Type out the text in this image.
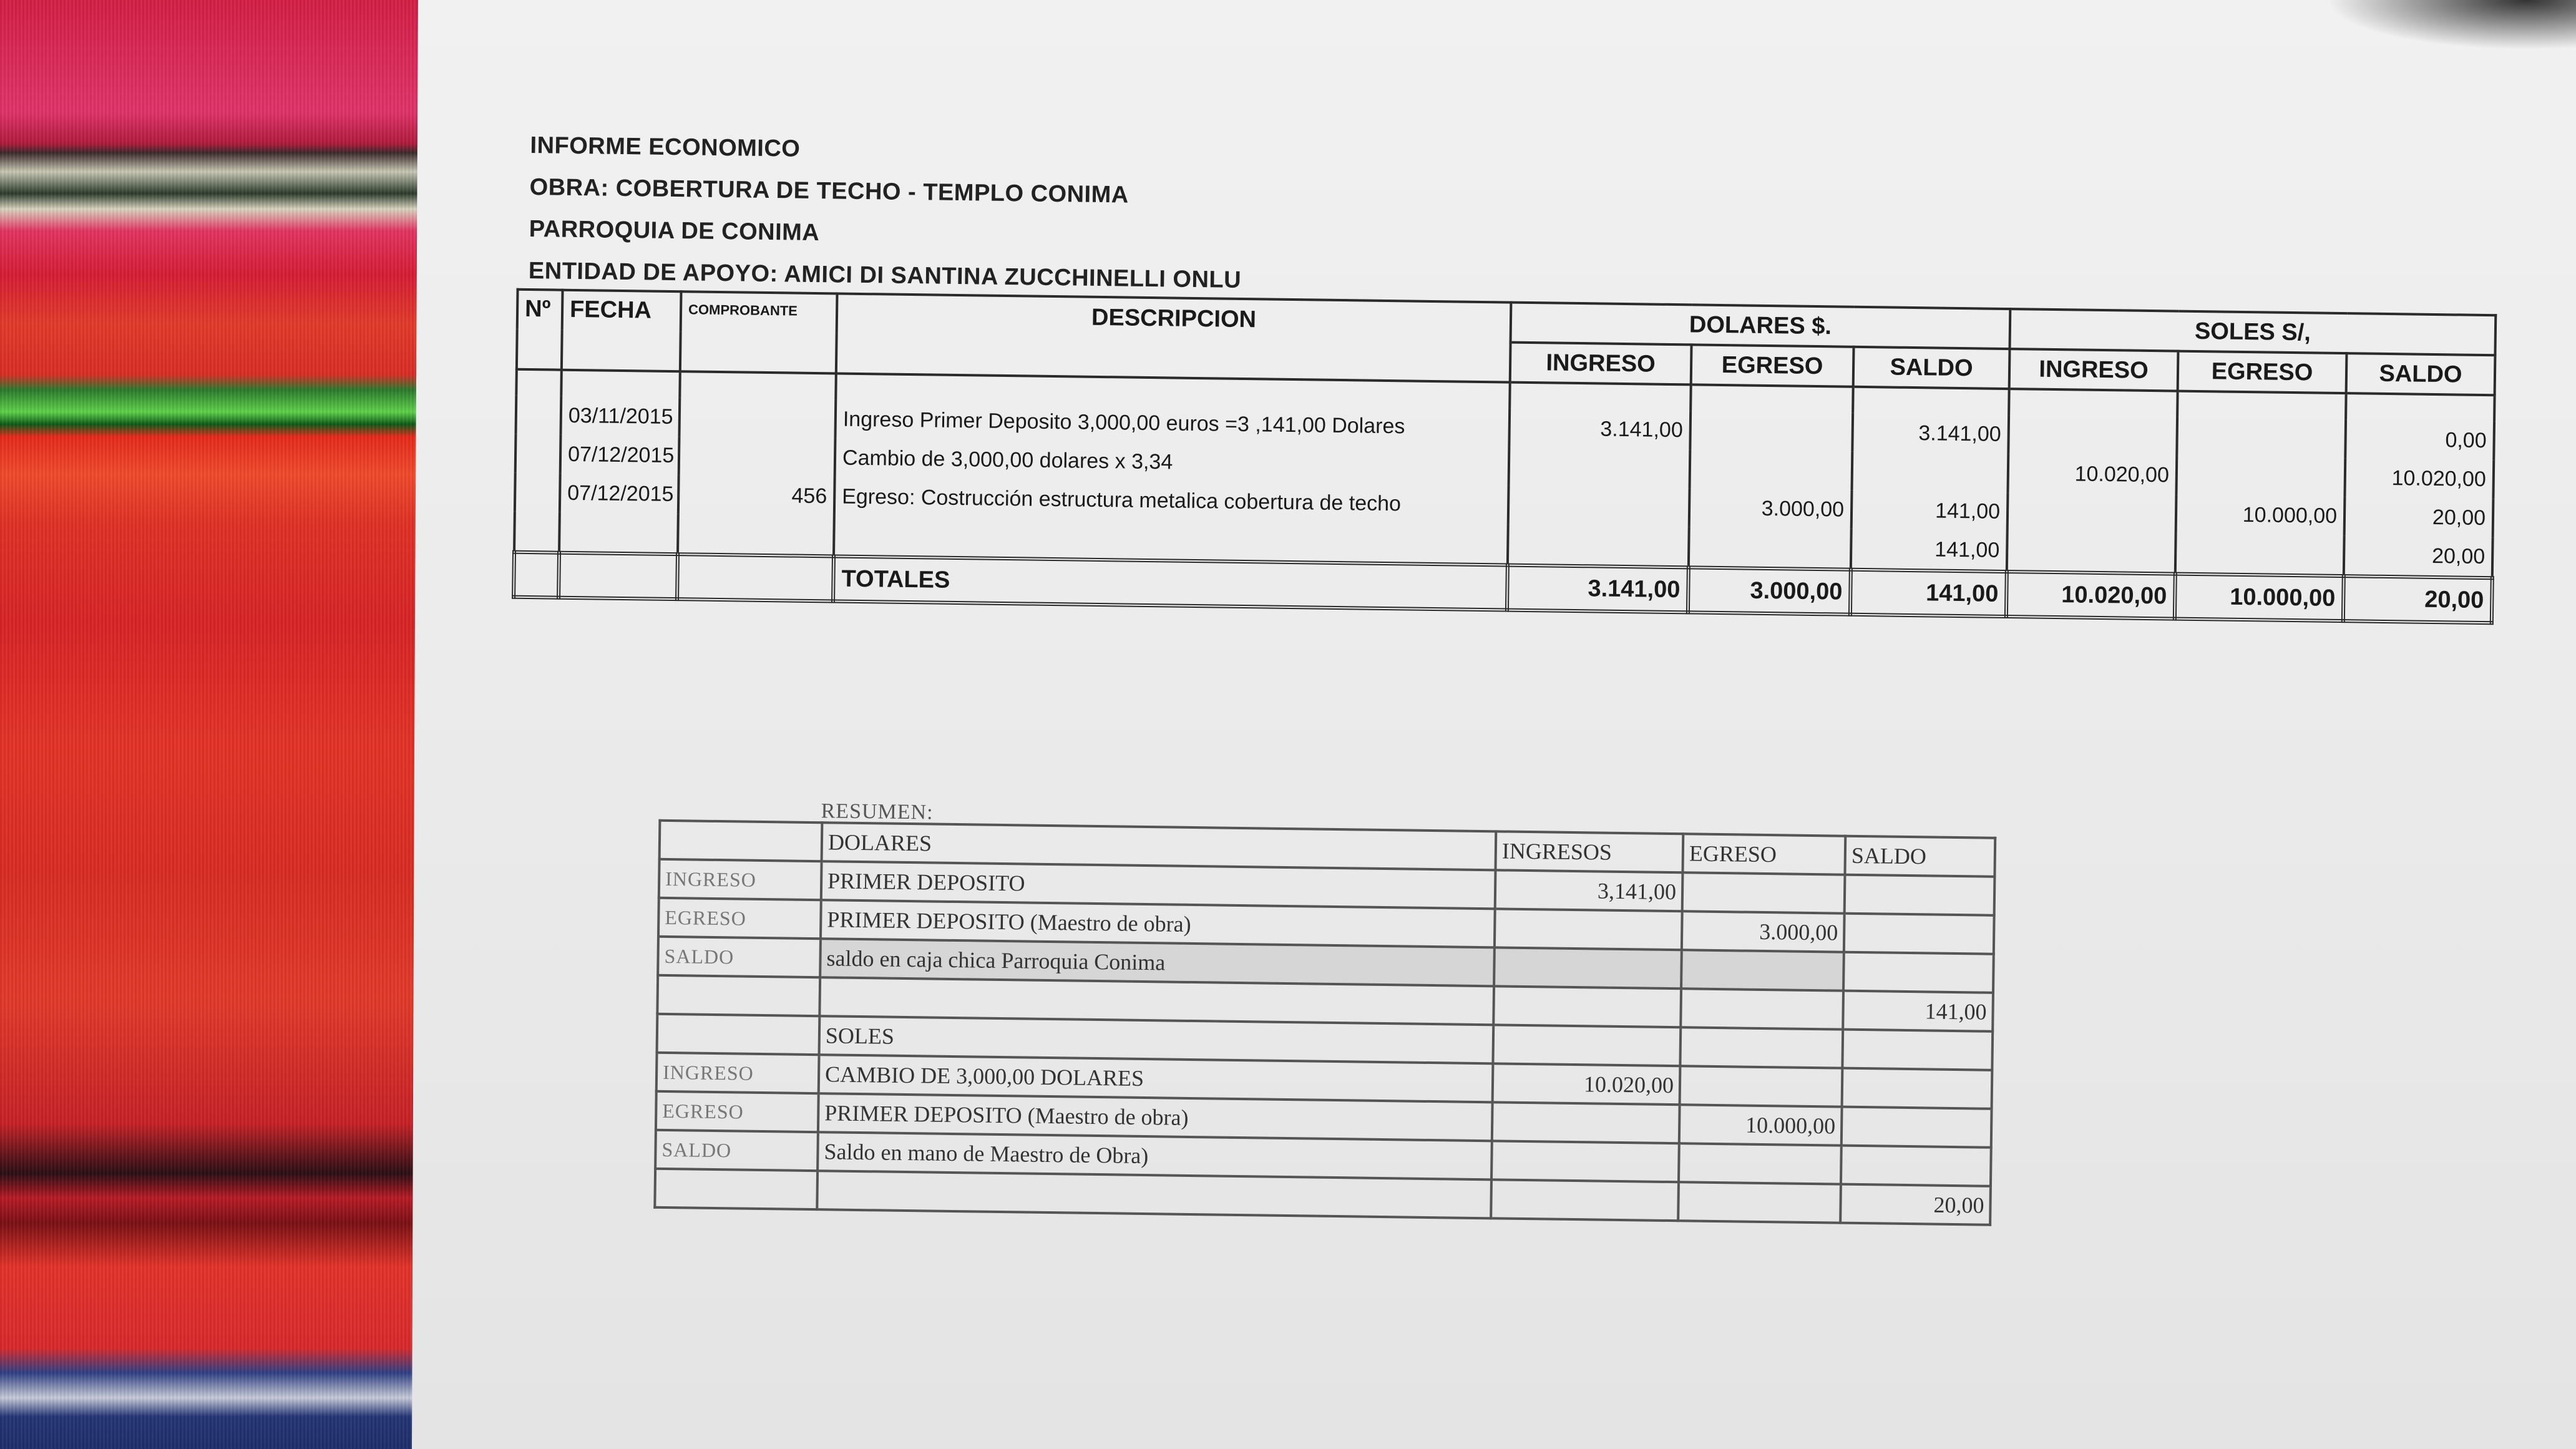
INFORME ECONOMICO
OBRA: COBERTURA DE TECHO - TEMPLO CONIMA
PARROQUIA DE CONIMA
ENTIDAD DE APOYO: AMICI DI SANTINA ZUCCHINELLI ONLU
Nº	FECHA	COMPROBANTE	DESCRIPCION	DOLARES $.			SOLES S/,		
				INGRESO	EGRESO	SALDO	INGRESO	EGRESO	SALDO

	03/11/2015		Ingreso Primer Deposito 3,000,00 euros =3 ,141,00 Dolares	3.141,00		3.141,00			0,00
	07/12/2015		Cambio de 3,000,00 dolares x 3,34				10.020,00		10.020,00
	07/12/2015	456	Egreso: Costrucción estructura metalica cobertura de techo		3.000,00	141,00		10.000,00	20,00
						141,00			20,00
			TOTALES	3.141,00	3.000,00	141,00	10.020,00	10.000,00	20,00
RESUMEN:
	DOLARES	INGRESOS	EGRESO	SALDO
INGRESO	PRIMER DEPOSITO	3,141,00		
EGRESO	PRIMER DEPOSITO (Maestro de obra)		3.000,00	
SALDO	saldo en caja chica Parroquia Conima			
				141,00
	SOLES			
INGRESO	CAMBIO DE 3,000,00 DOLARES	10.020,00		
EGRESO	PRIMER DEPOSITO (Maestro de obra)		10.000,00	
SALDO	Saldo en mano de Maestro de Obra)			
				20,00
